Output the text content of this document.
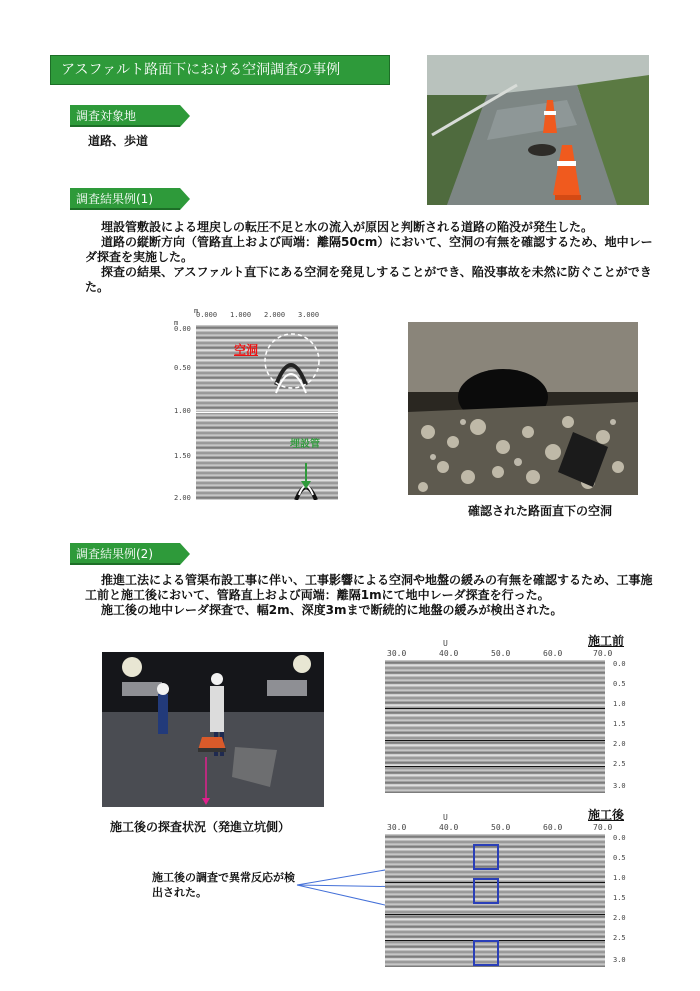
アスファルト路面下における空洞調査の事例
調査対象地
道路、歩道
調査結果例(1)

埋設管敷設による埋戻しの転圧不足と水の流入が原因と判断される道路の陥没が発生した。

道路の縦断方向（管路直上および両端：離隔50cm）において、空洞の有無を確認するため、地中レーダ探査を実施した。

探査の結果、アスファルト直下にある空洞を発見しすることができ、陥没事故を未然に防ぐことができた。

m
m
0.000 1.000 2.000 3.000
0.00
0.50
1.00
1.50
2.00
空洞
埋設管
確認された路面直下の空洞
調査結果例(2)

推進工法による管渠布設工事に伴い、工事影響による空洞や地盤の緩みの有無を確認するため、工事施工前と施工後において、管路直上および両端：離隔1mにて地中レーダ探査を行った。

施工後の地中レーダ探査で、幅2m、深度3mまで断続的に地盤の緩みが検出された。

施工後の探査状況（発進立坑側）
施工後の調査で異常反応が検出された。
施工前
30.0	40.0	50.0	60.0	70.0
U
0.0
0.5
1.0
1.5
2.0
2.5
3.0
施工後
30.0	40.0	50.0	60.0	70.0
U
0.0
0.5
1.0
1.5
2.0
2.5
3.0
